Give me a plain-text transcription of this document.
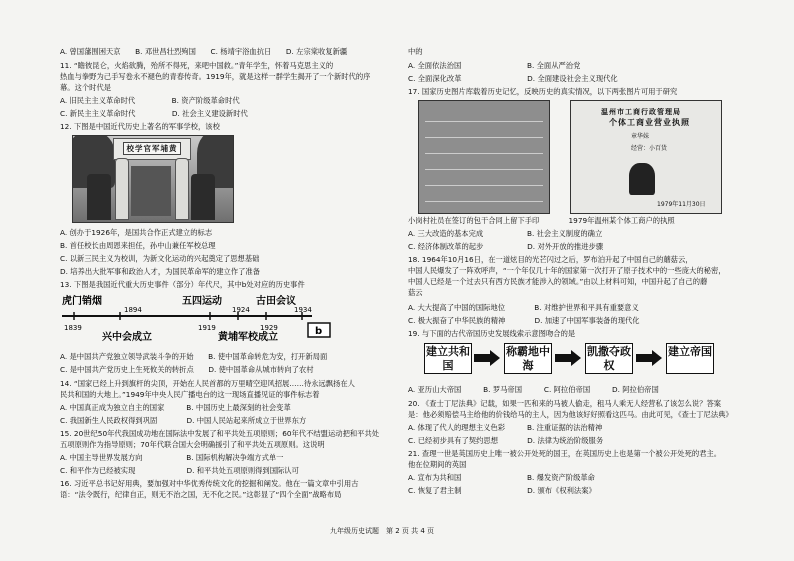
A. 曾国藩围困天京　　B. 邓世昌壮烈殉国　　C. 杨靖宇浴血抗日　　D. 左宗棠收复新疆
11. “瞻彼昆仑，火焰欲腾，殆所不得死，来吧中国救。”青年学生，怀着马克思主义的
热血与拳野为己手写卷永不褪色的青春传奇。1919年，就是这样一群学生揭开了一个新时代的序
幕。这个时代是
A. 旧民主主义革命时代　　　　　B. 资产阶级革命时代
C. 新民主主义革命时代　　　　　D. 社会主义建设新时代
12. 下图是中国近代历史上著名的军事学校，该校
A. 创办于1926年，是国共合作正式建立的标志
B. 首任校长由周恩来担任，孙中山兼任军校总理
C. 以新三民主义为校训，为新文化运动的兴起奠定了思想基础
D. 培养出大批军事和政治人才，为国民革命军的建立作了准备
13. 下图是我国近代重大历史事件（部分）年代尺，其中b处对应的历史事件
A. 是中国共产党独立领导武装斗争的开始　　B. 使中国革命转危为安，打开新局面
C. 是中国共产党历史上生死攸关的转折点　　D. 使中国革命从城市转向了农村
14. “国家已经上升到旗杆的尖顶，开始在人民首都的万里晴空迎风招展……待永远飘扬在人
民共和国的大地上。”1949年中央人民广播电台的这一现场直播见证的事件标志着
A. 中国真正成为独立自主的国家　　　B. 中国历史上最深刻的社会变革
C. 我国新生人民政权得到巩固　　　　D. 中国人民站起来所成立于世界东方
15. 20世纪50年代我国成功地在国际法中发展了和平共处五项原则；60年代不结盟运动把和平共处
五项原则作为指导原则；70年代联合国大会明确援引了和平共处五项原则。这说明
A. 中国主导世界发展方向　　　　　　B. 国际机构解决争端方式单一
C. 和平作为已经被实现　　　　　　　D. 和平共处五项原则得到国际认可
16. 习近平总书记好用典，要加强对中华优秀传统文化的挖掘和阐发。他在一篇文章中引用古
语：“法令既行，纪律自正，则无不治之国，无不化之民。”这彰显了“四个全面”战略布局
校学官军埔黄
虎门销烟
1894
1839
兴中会成立
五四运动
1919
1924
黄埔军校成立
古田会议
1929
1934
b
中的
A. 全面依法治国　　　　　　　　　B. 全面从严治党
C. 全面深化改革　　　　　　　　　D. 全面建设社会主义现代化
17. 国家历史图片库载着历史记忆，反映历史的真实情况，以下两张图片可用于研究
小岗村社员在签订的包干合同上留下手印　　　　1979年温州某个体工商户的执照
A. 三大改造的基本完成　　　　　　B. 社会主义制度的确立
C. 经济体制改革的起步　　　　　　D. 对外开放的推进步骤
18. 1964年10月16日，在一道炫目的光芒闪过之后，罗布泊升起了中国自己的蘑菇云，
中国人民爆发了一阵欢呼声，“一个年仅几十年的国家第一次打开了原子技术中的一些庞大的秘密，
中国人已经是一个过去只有西方民族才能涉入的领域。”由以上材料可知，中国升起了自己的蘑
菇云
A. 大大提高了中国的国际地位　　　　B. 对维护世界和平具有重要意义
C. 极大振奋了中华民族的精神　　　　D. 加速了中国军事装备的现代化
19. 与下面的古代帝国历史发展线索示意图吻合的是
A. 亚历山大帝国　　　B. 罗马帝国　　　C. 阿拉伯帝国　　　D. 阿拉伯帝国
20. 《查士丁尼法典》记载，如果一匹和来的马被人偷走，租马人乘无人经营私了该怎么说？答案
是：他必须赔偿马主给他的价钱给马的主人，因为他该好好照看这匹马。由此可见，《查士丁尼法典》
A. 体现了代人的理想主义色彩　　　B. 注重证据的法治精神
C. 已经初步具有了契约思想　　　　D. 法律为统治阶级服务
21. 查理一世是英国历史上唯一被公开处死的国王，在英国历史上也是第一个被公开处死的君主。
他在位期间的英国
A. 宣布为共和国　　　　　　　　　B. 爆发资产阶级革命
C. 恢复了君主制　　　　　　　　　D. 颁布《权利法案》
温州市工商行政管理局
个体工商业营业执照
章华妹
经营：小百货
1979年11月30日
建立共和国
称霸地中海
凯撒夺政权
建立帝国
九年级历史试题　第 2 页 共 4 页
